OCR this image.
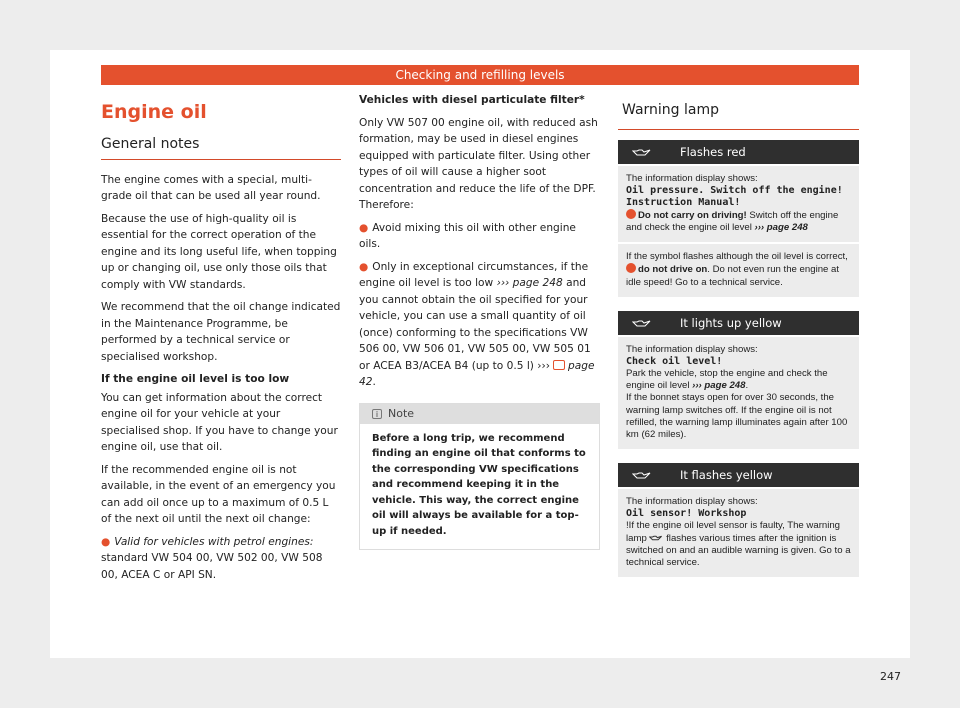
Checking and refilling levels
Engine oil
General notes

The engine comes with a special, multi-grade oil that can be used all year round.

Because the use of high-quality oil is essential for the correct operation of the engine and its long useful life, when topping up or changing oil, use only those oils that comply with VW standards.

We recommend that the oil change indicated in the Maintenance Programme, be performed by a technical service or specialised workshop.

If the engine oil level is too low

You can get information about the correct engine oil for your vehicle at your specialised shop. If you have to change your engine oil, use that oil.

If the recommended engine oil is not available, in the event of an emergency you can add oil once up to a maximum of 0.5 L of the next oil until the next oil change:

● Valid for vehicles with petrol engines:
standard VW 504 00, VW 502 00, VW 508 00, ACEA C or API SN.

Vehicles with diesel particulate filter*

Only VW 507 00 engine oil, with reduced ash formation, may be used in diesel engines equipped with particulate filter. Using other types of oil will cause a higher soot concentration and reduce the life of the DPF. Therefore:

● Avoid mixing this oil with other engine oils.

● Only in exceptional circumstances, if the engine oil level is too low ››› page 248 and you cannot obtain the oil specified for your vehicle, you can use a small quantity of oil (once) conforming to the specifications VW 506 00, VW 506 01, VW 505 00, VW 505 01 or ACEA B3/ACEA B4 (up to 0.5 l) ››› page 42.

i Note
Before a long trip, we recommend finding an engine oil that conforms to the corresponding VW specifications and recommend keeping it in the vehicle. This way, the correct engine oil will always be available for a top-up if needed.
Warning lamp
Flashes red
The information display shows:
Oil pressure. Switch off the engine! Instruction Manual!
Do not carry on driving! Switch off the engine and check the engine oil level ››› page 248
If the symbol flashes although the oil level is correct,
do not drive on. Do not even run the engine at idle speed! Go to a technical service.
It lights up yellow
The information display shows:
Check oil level!
Park the vehicle, stop the engine and check the engine oil level ››› page 248.
If the bonnet stays open for over 30 seconds, the warning lamp switches off. If the engine oil is not refilled, the warning lamp illuminates again after 100 km (62 miles).
It flashes yellow
The information display shows:
Oil sensor! Workshop
!If the engine oil level sensor is faulty, The warning lamp flashes various times after the ignition is switched on and an audible warning is given. Go to a technical service.
247
